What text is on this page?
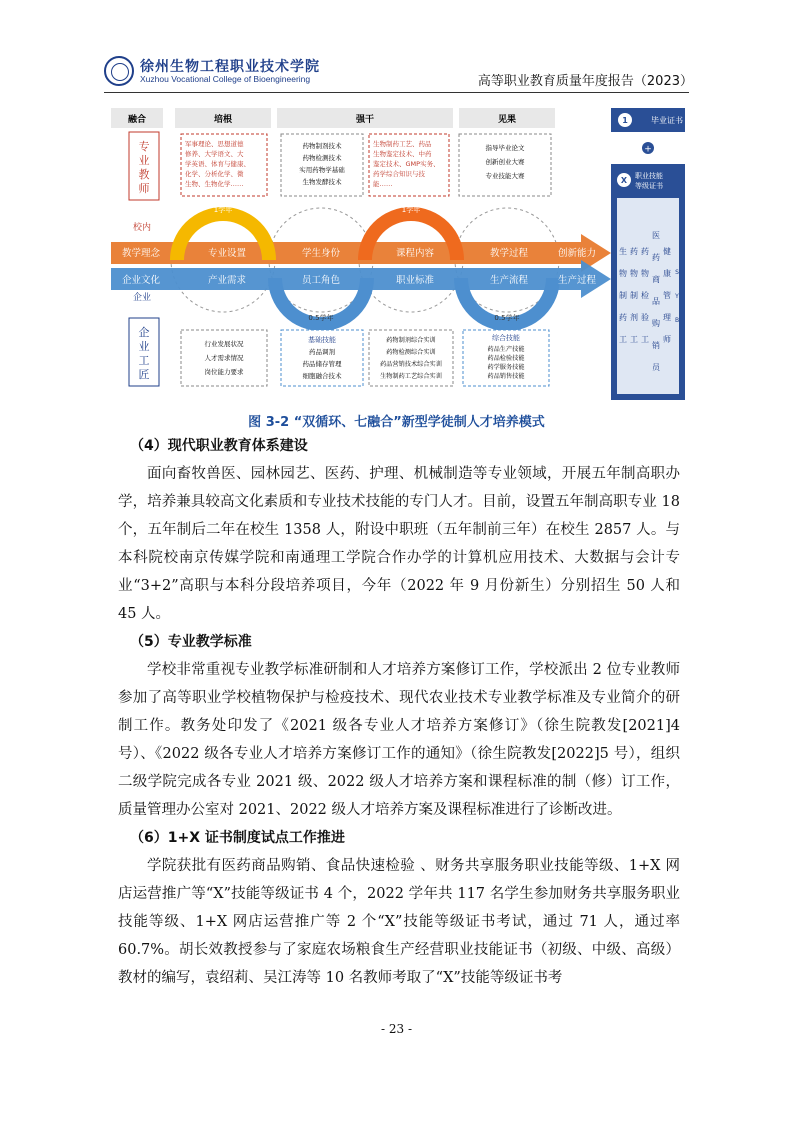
徐州生物工程职业技术学院
Xuzhou Vocational College of Bioengineering	高等职业教育质量年度报告（2023）
融合	培根	强干	见果
专
业
教
师
校内
企业
企
业
工
匠
军事理论、思想道德 修养、大学语文、大 学英语、体育与健康、 化学、分析化学、微 生物、生物化学……
药物制剂技术
药物检测技术
实用药物学基础
生物发酵技术
生物制药工艺、药品 生物鉴定技术、中药 鉴定技术、GMP实务、 药学综合知识与技 能……
指导毕业论文
创新创业大赛
专业技能大赛
1学年	1学年
0.5学年	0.5学年
教学理念	专业设置	学生身份	课程内容	教学过程	创新能力
企业文化	产业需求	员工角色	职业标准	生产流程	生产过程
行业发展状况
人才需求情况
岗位能力要求
基础技能
药品调剂
药品储存管理
细胞融合技术
药物制剂综合实训
药物检测综合实训
药品营销技术综合实训
生物制药工艺综合实训
综合技能
药品生产技能
药品检验技能
药学服务技能
药品销售技能
1	毕业证书
+
X 职业技能
等级证书
生
物
制
药
工
药
物
制
剂
工
药
物
检
验
工
医
药
商
品
购
销
员
健
康
管
理
师
S
Y
B
图 3-2 “双循环、七融合”新型学徒制人才培养模式
（4）现代职业教育体系建设

面向畜牧兽医、园林园艺、医药、护理、机械制造等专业领域，开展五年制高职办学，培养兼具较高文化素质和专业技术技能的专门人才。目前，设置五年制高职专业 18 个，五年制后二年在校生 1358 人，附设中职班（五年制前三年）在校生 2857 人。与本科院校南京传媒学院和南通理工学院合作办学的计算机应用技术、大数据与会计专业“3+2”高职与本科分段培养项目，今年（2022 年 9 月份新生）分别招生 50 人和 45 人。

（5）专业教学标准

学校非常重视专业教学标准研制和人才培养方案修订工作，学校派出 2 位专业教师参加了高等职业学校植物保护与检疫技术、现代农业技术专业教学标准及专业简介的研制工作。教务处印发了《2021 级各专业人才培养方案修订》（徐生院教发[2021]4 号）、《2022 级各专业人才培养方案修订工作的通知》（徐生院教发[2022]5 号），组织二级学院完成各专业 2021 级、2022 级人才培养方案和课程标准的制（修）订工作，质量管理办公室对 2021、2022 级人才培养方案及课程标准进行了诊断改进。

（6）1+X 证书制度试点工作推进

学院获批有医药商品购销、食品快速检验 、财务共享服务职业技能等级、1+X 网店运营推广等“X”技能等级证书 4 个，2022 学年共 117 名学生参加财务共享服务职业技能等级、1+X 网店运营推广等 2 个“X”技能等级证书考试，通过 71 人，通过率 60.7%。胡长效教授参与了家庭农场粮食生产经营职业技能证书（初级、中级、高级）教材的编写，袁绍莉、吴江涛等 10 名教师考取了“X”技能等级证书考

- 23 -
